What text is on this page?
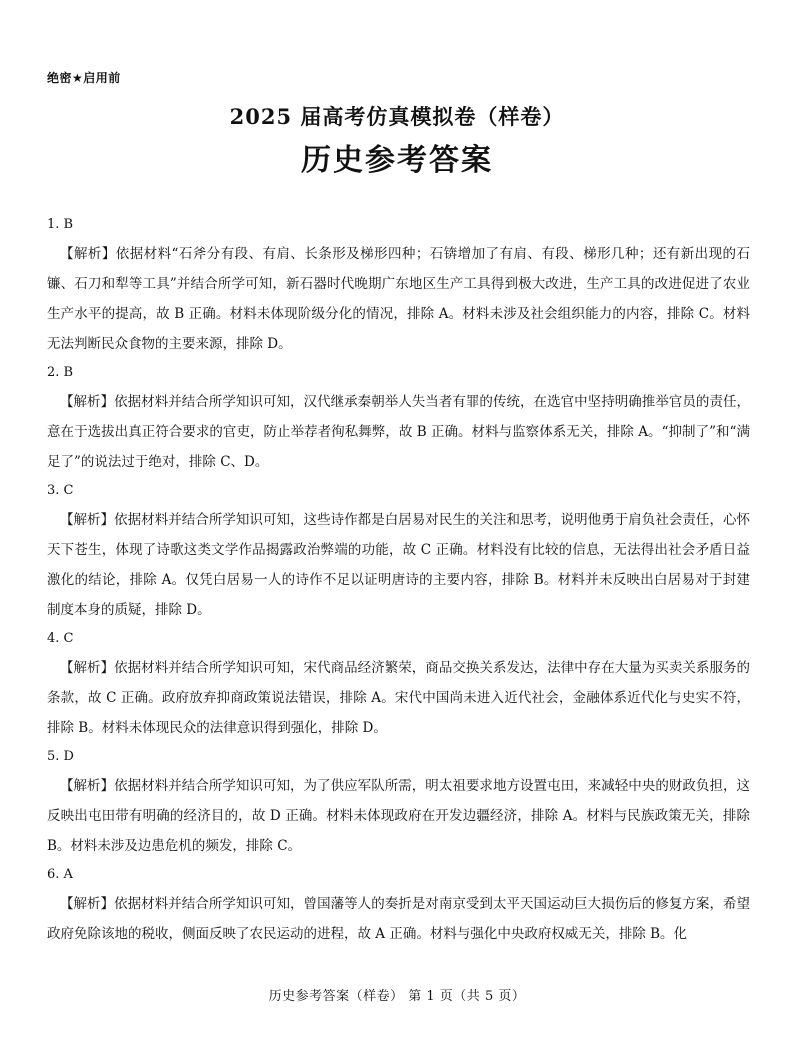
绝密★启用前
2025 届高考仿真模拟卷（样卷）
历史参考答案

1. B

【解析】依据材料“石斧分有段、有肩、长条形及梯形四种；石锛增加了有肩、有段、梯形几种；还有新出现的石镰、石刀和犁等工具”并结合所学可知，新石器时代晚期广东地区生产工具得到极大改进，生产工具的改进促进了农业生产水平的提高，故 B 正确。材料未体现阶级分化的情况，排除 A。材料未涉及社会组织能力的内容，排除 C。材料无法判断民众食物的主要来源，排除 D。

2. B

【解析】依据材料并结合所学知识可知，汉代继承秦朝举人失当者有罪的传统，在选官中坚持明确推举官员的责任，意在于选拔出真正符合要求的官吏，防止举荐者徇私舞弊，故 B 正确。材料与监察体系无关，排除 A。“抑制了”和“满足了”的说法过于绝对，排除 C、D。

3. C

【解析】依据材料并结合所学知识可知，这些诗作都是白居易对民生的关注和思考，说明他勇于肩负社会责任，心怀天下苍生，体现了诗歌这类文学作品揭露政治弊端的功能，故 C 正确。材料没有比较的信息，无法得出社会矛盾日益激化的结论，排除 A。仅凭白居易一人的诗作不足以证明唐诗的主要内容，排除 B。材料并未反映出白居易对于封建制度本身的质疑，排除 D。

4. C

【解析】依据材料并结合所学知识可知，宋代商品经济繁荣，商品交换关系发达，法律中存在大量为买卖关系服务的条款，故 C 正确。政府放弃抑商政策说法错误，排除 A。宋代中国尚未进入近代社会，金融体系近代化与史实不符，排除 B。材料未体现民众的法律意识得到强化，排除 D。

5. D

【解析】依据材料并结合所学知识可知，为了供应军队所需，明太祖要求地方设置屯田，来减轻中央的财政负担，这反映出屯田带有明确的经济目的，故 D 正确。材料未体现政府在开发边疆经济，排除 A。材料与民族政策无关，排除 B。材料未涉及边患危机的频发，排除 C。

6. A

【解析】依据材料并结合所学知识可知，曾国藩等人的奏折是对南京受到太平天国运动巨大损伤后的修复方案，希望政府免除该地的税收，侧面反映了农民运动的进程，故 A 正确。材料与强化中央政府权威无关，排除 B。化

历史参考答案（样卷） 第 1 页（共 5 页）
